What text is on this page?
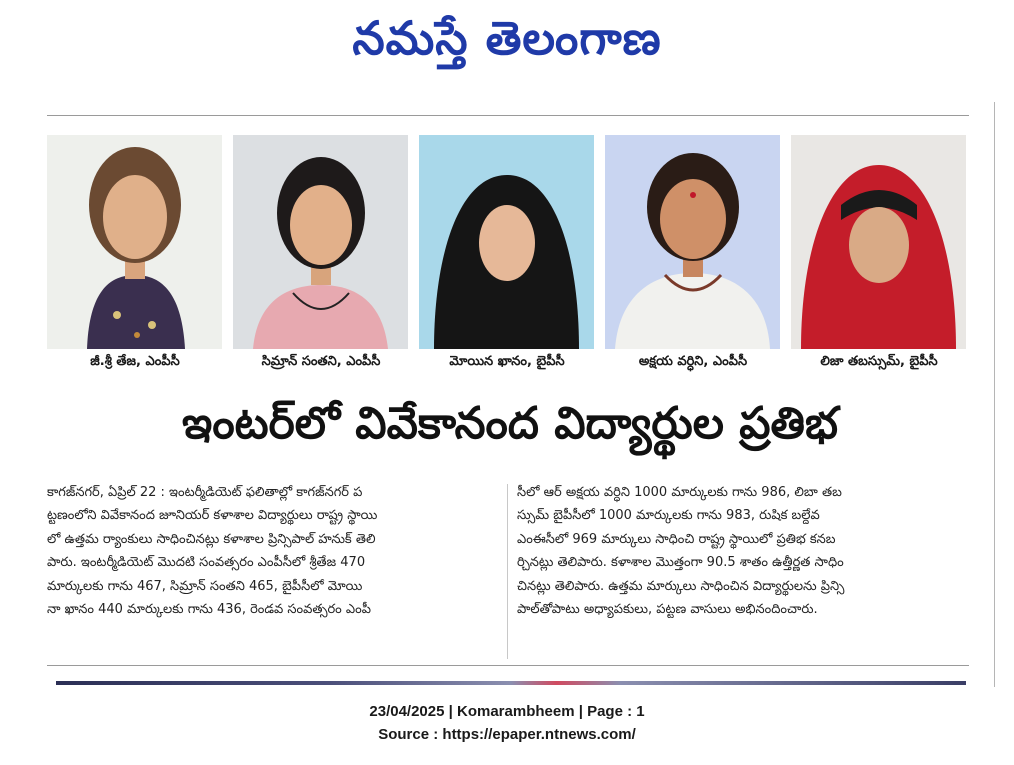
నమస్తే తెలంగాణ
జీ.శ్రీ తేజ, ఎంపీసీ	సిమ్రాన్ సంతని, ఎంపీసీ	మోయిన ఖానం, బైపీసీ	అక్షయ వర్ధిని, ఎంపీసీ	లిజా తబస్సుమ్, బైపీసీ
ఇంటర్‌లో వివేకానంద విద్యార్థుల ప్రతిభ

కాగజ్‌నగర్, ఏప్రిల్ 22 : ఇంటర్మీడియెట్ ఫలితాల్లో కాగజ్‌నగర్ ప

ట్టణంలోని వివేకానంద జూనియర్ కళాశాల విద్యార్థులు రాష్ట్ర స్థాయి

లో ఉత్తమ ర్యాంకులు సాధించినట్లు కళాశాల ప్రిన్సిపాల్ హనుక్ తెలి

పారు. ఇంటర్మీడియెట్ మొదటి సంవత్సరం ఎంపీసీలో శ్రీతేజ 470

మార్కులకు గాను 467, సిమ్రాన్ సంతని 465, బైపీసీలో మోయి

నా ఖానం 440 మార్కులకు గాను 436, రెండవ సంవత్సరం ఎంపీ

సీలో ఆర్ అక్షయ వర్ధిని 1000 మార్కులకు గాను 986, లిబా తబ

స్సుమ్ బైపీసీలో 1000 మార్కులకు గాను 983, రుషిక బల్దేవ

ఎంఈసీలో 969 మార్కులు సాధించి రాష్ట్ర స్థాయిలో ప్రతిభ కనబ

ర్చినట్లు తెలిపారు. కళాశాల మొత్తంగా 90.5 శాతం ఉత్తీర్ణత సాధిం

చినట్లు తెలిపారు. ఉత్తమ మార్కులు సాధించిన విద్యార్థులను ప్రిన్సి

పాల్‌తోపాటు అధ్యాపకులు, పట్టణ వాసులు అభినందించారు.

23/04/2025 | Komarambheem | Page : 1
Source : https://epaper.ntnews.com/
